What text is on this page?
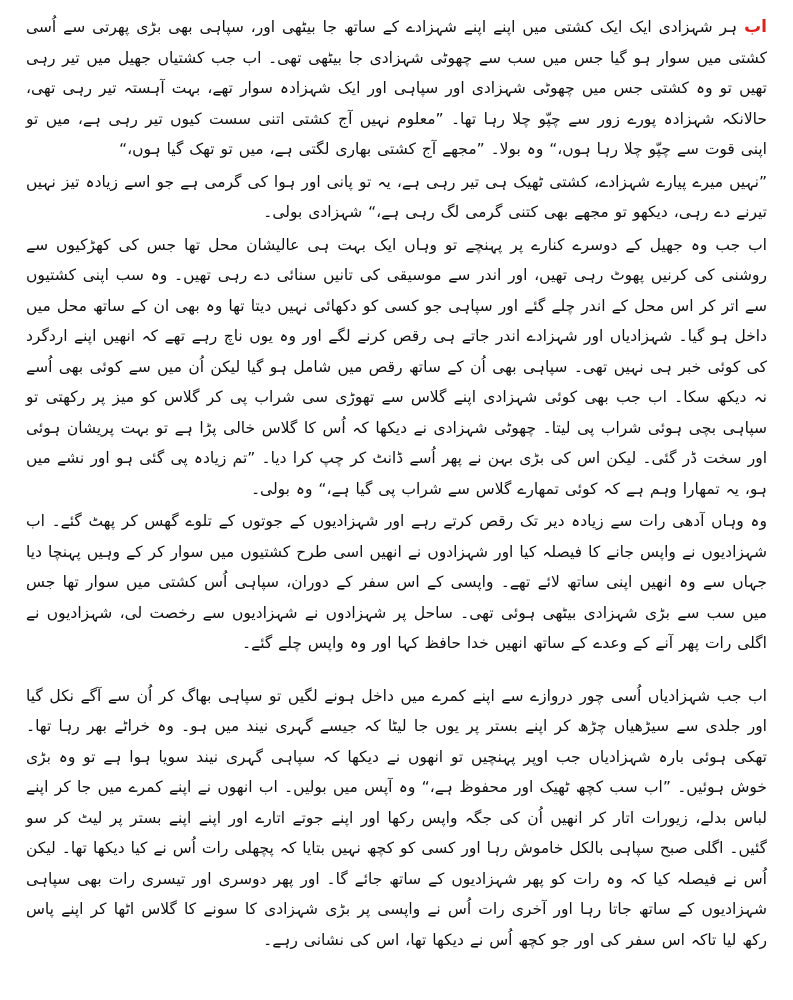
اب ہر شہزادی ایک ایک کشتی میں اپنے اپنے شہزادے کے ساتھ جا بیٹھی اور، سپاہی بھی بڑی پھرتی سے اُسی کشتی میں سوار ہو گیا جس میں سب سے چھوٹی شہزادی جا بیٹھی تھی۔ اب جب کشتیاں جھیل میں تیر رہی تھیں تو وہ کشتی جس میں چھوٹی شہزادی اور سپاہی اور ایک شہزادہ سوار تھے، بہت آہستہ تیر رہی تھی، حالانکہ شہزادہ پورے زور سے چپّو چلا رہا تھا۔ ”معلوم نہیں آج کشتی اتنی سست کیوں تیر رہی ہے، میں تو اپنی قوت سے چپّو چلا رہا ہوں،“ وہ بولا۔ ”مجھے آج کشتی بھاری لگتی ہے، میں تو تھک گیا ہوں،“

”نہیں میرے پیارے شہزادے، کشتی ٹھیک ہی تیر رہی ہے، یہ تو پانی اور ہوا کی گرمی ہے جو اسے زیادہ تیز نہیں تیرنے دے رہی، دیکھو تو مجھے بھی کتنی گرمی لگ رہی ہے،“ شہزادی بولی۔

اب جب وہ جھیل کے دوسرے کنارے پر پہنچے تو وہاں ایک بہت ہی عالیشان محل تھا جس کی کھڑکیوں سے روشنی کی کرنیں پھوٹ رہی تھیں، اور اندر سے موسیقی کی تانیں سنائی دے رہی تھیں۔ وہ سب اپنی کشتیوں سے اتر کر اس محل کے اندر چلے گئے اور سپاہی جو کسی کو دکھائی نہیں دیتا تھا وہ بھی ان کے ساتھ محل میں داخل ہو گیا۔ شہزادیاں اور شہزادے اندر جاتے ہی رقص کرنے لگے اور وہ یوں ناچ رہے تھے کہ انھیں اپنے اردگرد کی کوئی خبر ہی نہیں تھی۔ سپاہی بھی اُن کے ساتھ رقص میں شامل ہو گیا لیکن اُن میں سے کوئی بھی اُسے نہ دیکھ سکا۔ اب جب بھی کوئی شہزادی اپنے گلاس سے تھوڑی سی شراب پی کر گلاس کو میز پر رکھتی تو سپاہی بچی ہوئی شراب پی لیتا۔ چھوٹی شہزادی نے دیکھا کہ اُس کا گلاس خالی پڑا ہے تو بہت پریشان ہوئی اور سخت ڈر گئی۔ لیکن اس کی بڑی بہن نے پھر اُسے ڈانٹ کر چپ کرا دیا۔ ”تم زیادہ پی گئی ہو اور نشے میں ہو، یہ تمھارا وہم ہے کہ کوئی تمھارے گلاس سے شراب پی گیا ہے،“ وہ بولی۔

وہ وہاں آدھی رات سے زیادہ دیر تک رقص کرتے رہے اور شہزادیوں کے جوتوں کے تلوے گھس کر پھٹ گئے۔ اب شہزادیوں نے واپس جانے کا فیصلہ کیا اور شہزادوں نے انھیں اسی طرح کشتیوں میں سوار کر کے وہیں پہنچا دیا جہاں سے وہ انھیں اپنی ساتھ لائے تھے۔ واپسی کے اس سفر کے دوران، سپاہی اُس کشتی میں سوار تھا جس میں سب سے بڑی شہزادی بیٹھی ہوئی تھی۔ ساحل پر شہزادوں نے شہزادیوں سے رخصت لی، شہزادیوں نے اگلی رات پھر آنے کے وعدے کے ساتھ انھیں خدا حافظ کہا اور وہ واپس چلے گئے۔

اب جب شہزادیاں اُسی چور دروازے سے اپنے کمرے میں داخل ہونے لگیں تو سپاہی بھاگ کر اُن سے آگے نکل گیا اور جلدی سے سیڑھیاں چڑھ کر اپنے بستر پر یوں جا لیٹا کہ جیسے گہری نیند میں ہو۔ وہ خراٹے بھر رہا تھا۔ تھکی ہوئی بارہ شہزادیاں جب اوپر پہنچیں تو انھوں نے دیکھا کہ سپاہی گہری نیند سویا ہوا ہے تو وہ بڑی خوش ہوئیں۔ ”اب سب کچھ ٹھیک اور محفوظ ہے،“ وہ آپس میں بولیں۔ اب انھوں نے اپنے کمرے میں جا کر اپنے لباس بدلے، زیورات اتار کر انھیں اُن کی جگہ واپس رکھا اور اپنے جوتے اتارے اور اپنے اپنے بستر پر لیٹ کر سو گئیں۔ اگلی صبح سپاہی بالکل خاموش رہا اور کسی کو کچھ نہیں بتایا کہ پچھلی رات اُس نے کیا دیکھا تھا۔ لیکن اُس نے فیصلہ کیا کہ وہ رات کو پھر شہزادیوں کے ساتھ جائے گا۔ اور پھر دوسری اور تیسری رات بھی سپاہی شہزادیوں کے ساتھ جاتا رہا اور آخری رات اُس نے واپسی پر بڑی شہزادی کا سونے کا گلاس اٹھا کر اپنے پاس رکھ لیا تاکہ اس سفر کی اور جو کچھ اُس نے دیکھا تھا، اس کی نشانی رہے۔
